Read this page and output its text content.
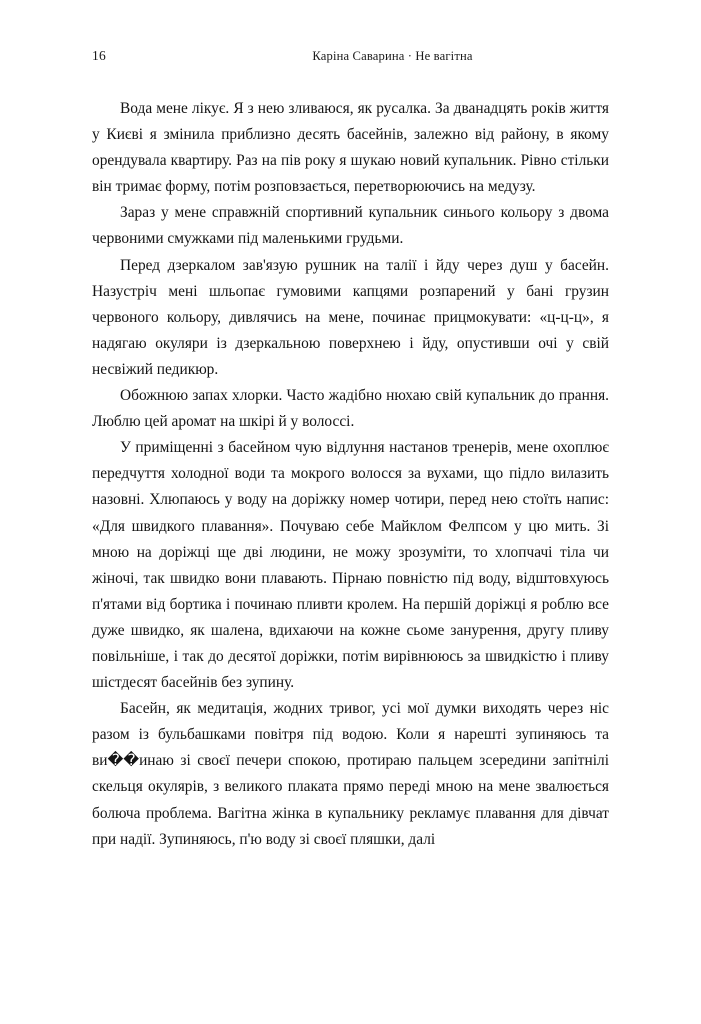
16	Каріна Саварина · Не вагітна

Вода мене лікує. Я з нею зливаюся, як русалка. За дванадцять років життя у Києві я змінила приблизно десять басейнів, залежно від району, в якому орендувала квартиру. Раз на пів року я шукаю новий купальник. Рівно стільки він тримає форму, потім розповзається, перетворюючись на медузу.

Зараз у мене справжній спортивний купальник синього кольору з двома червоними смужками під маленькими грудьми.

Перед дзеркалом зав'язую рушник на талії і йду через душ у басейн. Назустріч мені шльопає гумовими капцями розпарений у бані грузин червоного кольору, дивлячись на мене, починає прицмокувати: «ц-ц-ц», я надягаю окуляри із дзеркальною поверхнею і йду, опустивши очі у свій несвіжий педикюр.

Обожнюю запах хлорки. Часто жадібно нюхаю свій купальник до прання. Люблю цей аромат на шкірі й у волоссі.

У приміщенні з басейном чую відлуння настанов тренерів, мене охоплює передчуття холодної води та мокрого волосся за вухами, що підло вилазить назовні. Хлюпаюсь у воду на доріжку номер чотири, перед нею стоїть напис: «Для швидкого плавання». Почуваю себе Майклом Фелпсом у цю мить. Зі мною на доріжці ще дві людини, не можу зрозуміти, то хлопчачі тіла чи жіночі, так швидко вони плавають. Пірнаю повністю під воду, відштовхуюсь п'ятами від бортика і починаю пливти кролем. На першій доріжці я роблю все дуже швидко, як шалена, вдихаючи на кожне сьоме занурення, другу пливу повільніше, і так до десятої доріжки, потім вирівнююсь за швидкістю і пливу шістдесят басейнів без зупину.

Басейн, як медитація, жодних тривог, усі мої думки виходять через ніс разом із бульбашками повітря під водою. Коли я нарешті зупиняюсь та ви��инаю зі своєї печери спокою, протираю пальцем зсередини запітнілі скельця окулярів, з великого плаката прямо переді мною на мене звалюється болюча проблема. Вагітна жінка в купальнику рекламує плавання для дівчат при надії. Зупиняюсь, п'ю воду зі своєї пляшки, далі
